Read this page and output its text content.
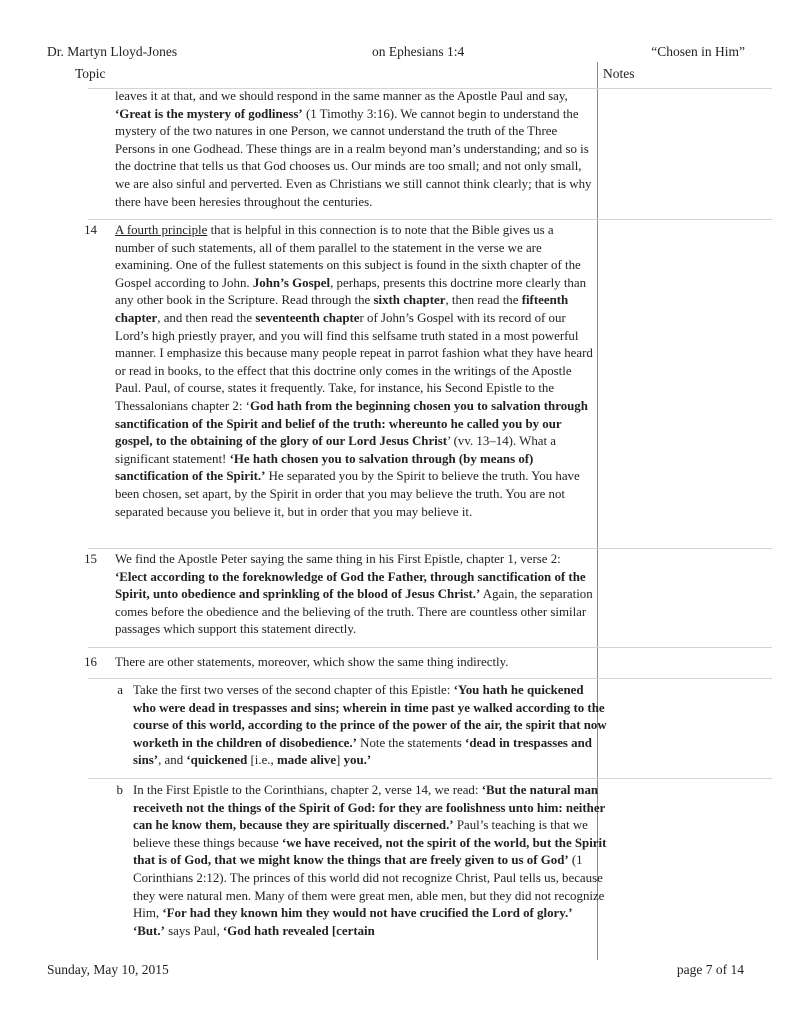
Dr. Martyn Lloyd-Jones	on Ephesians 1:4	“Chosen in Him”
Topic	Notes
leaves it at that, and we should respond in the same manner as the Apostle Paul and say, ‘Great is the mystery of godliness’ (1 Timothy 3:16). We cannot begin to understand the mystery of the two natures in one Person, we cannot understand the truth of the Three Persons in one Godhead. These things are in a realm beyond man’s understanding; and so is the doctrine that tells us that God chooses us. Our minds are too small; and not only small, we are also sinful and perverted. Even as Christians we still cannot think clearly; that is why there have been heresies throughout the centuries.
14 A fourth principle that is helpful in this connection is to note that the Bible gives us a number of such statements, all of them parallel to the statement in the verse we are examining. One of the fullest statements on this subject is found in the sixth chapter of the Gospel according to John. John’s Gospel, perhaps, presents this doctrine more clearly than any other book in the Scripture. Read through the sixth chapter, then read the fifteenth chapter, and then read the seventeenth chapter of John’s Gospel with its record of our Lord’s high priestly prayer, and you will find this selfsame truth stated in a most powerful manner. I emphasize this because many people repeat in parrot fashion what they have heard or read in books, to the effect that this doctrine only comes in the writings of the Apostle Paul. Paul, of course, states it frequently. Take, for instance, his Second Epistle to the Thessalonians chapter 2: ‘God hath from the beginning chosen you to salvation through sanctification of the Spirit and belief of the truth: whereunto he called you by our gospel, to the obtaining of the glory of our Lord Jesus Christ’ (vv. 13–14). What a significant statement! ‘He hath chosen you to salvation through (by means of) sanctification of the Spirit.’ He separated you by the Spirit to believe the truth. You have been chosen, set apart, by the Spirit in order that you may believe the truth. You are not separated because you believe it, but in order that you may believe it.
15 We find the Apostle Peter saying the same thing in his First Epistle, chapter 1, verse 2: ‘Elect according to the foreknowledge of God the Father, through sanctification of the Spirit, unto obedience and sprinkling of the blood of Jesus Christ.’ Again, the separation comes before the obedience and the believing of the truth. There are countless other similar passages which support this statement directly.
16 There are other statements, moreover, which show the same thing indirectly.
a Take the first two verses of the second chapter of this Epistle: ‘You hath he quickened who were dead in trespasses and sins; wherein in time past ye walked according to the course of this world, according to the prince of the power of the air, the spirit that now worketh in the children of disobedience.’ Note the statements ‘dead in trespasses and sins’, and ‘quickened [i.e., made alive] you.’
b In the First Epistle to the Corinthians, chapter 2, verse 14, we read: ‘But the natural man receiveth not the things of the Spirit of God: for they are foolishness unto him: neither can he know them, because they are spiritually discerned.’ Paul’s teaching is that we believe these things because ‘we have received, not the spirit of the world, but the Spirit that is of God, that we might know the things that are freely given to us of God’ (1 Corinthians 2:12). The princes of this world did not recognize Christ, Paul tells us, because they were natural men. Many of them were great men, able men, but they did not recognize Him, ‘For had they known him they would not have crucified the Lord of glory.’ ‘But.’ says Paul, ‘God hath revealed [certain
Sunday, May 10, 2015	page 7 of 14
